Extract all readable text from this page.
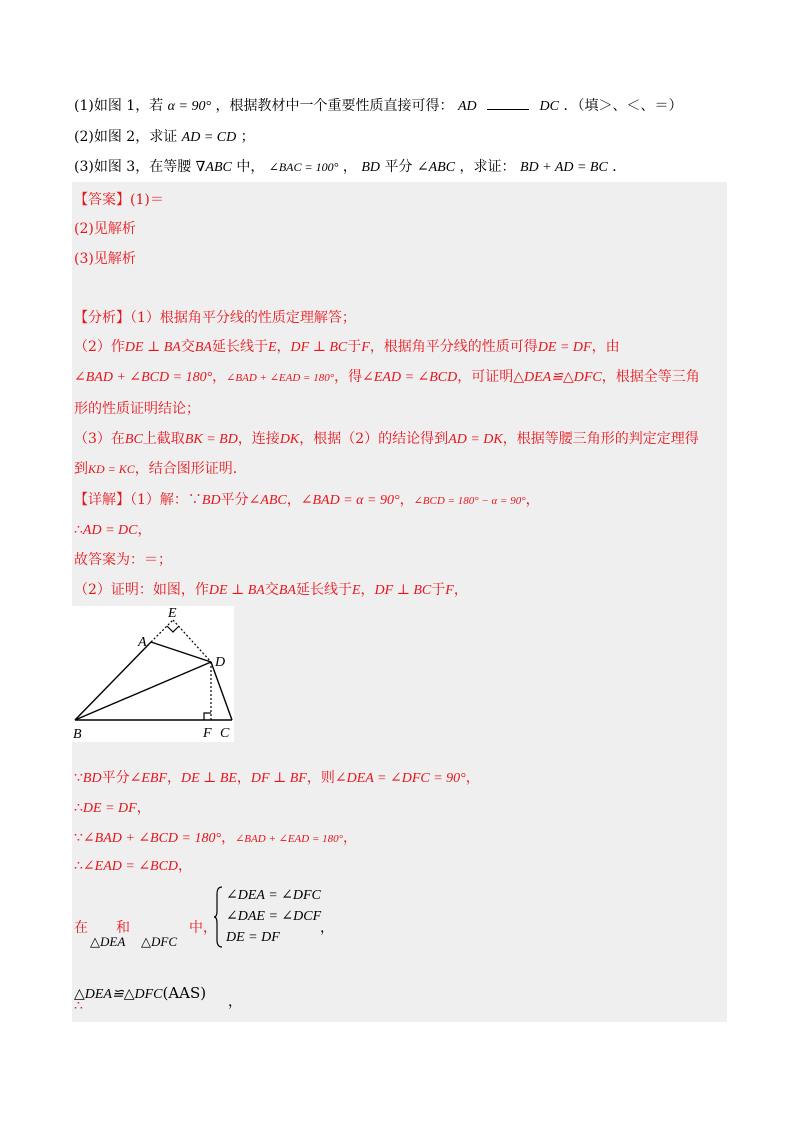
(1)如图 1，若 α = 90° ，根据教材中一个重要性质直接可得： AD	DC ．（填＞、＜、＝）
(2)如图 2，求证 AD = CD ；
(3)如图 3，在等腰 ∇ABC 中， ∠BAC = 100° ， BD 平分 ∠ABC ，求证： BD + AD = BC ．
【答案】(1)＝
(2)见解析
(3)见解析
【分析】（1）根据角平分线的性质定理解答；
（2）作DE ⊥ BA交BA延长线于E，DF ⊥ BC于F，根据角平分线的性质可得DE = DF，由
∠BAD + ∠BCD = 180°，∠BAD + ∠EAD = 180°，得∠EAD = ∠BCD，可证明△DEA≌△DFC，根据全等三角
形的性质证明结论；
（3）在BC上截取BK = BD，连接DK，根据（2）的结论得到AD = DK，根据等腰三角形的判定定理得
到KD = KC，结合图形证明．
【详解】（1）解：∵BD平分∠ABC，∠BAD = α = 90°，∠BCD = 180° − α = 90°，
∴AD = DC，
故答案为：＝；
（2）证明：如图，作DE ⊥ BA交BA延长线于E，DF ⊥ BC于F，
E
A
D
B	F C
∵BD平分∠EBF，DE ⊥ BE，DF ⊥ BF，则∠DEA = ∠DFC = 90°，
∴DE = DF，
∵∠BAD + ∠BCD = 180°，∠BAD + ∠EAD = 180°，
∴∠EAD = ∠BCD，
在
△DEA
和
△DFC
中，
∠DEA = ∠DFC
∠DAE = ∠DCF
DE = DF
，
△DEA≌△DFC(AAS)
∴	，
